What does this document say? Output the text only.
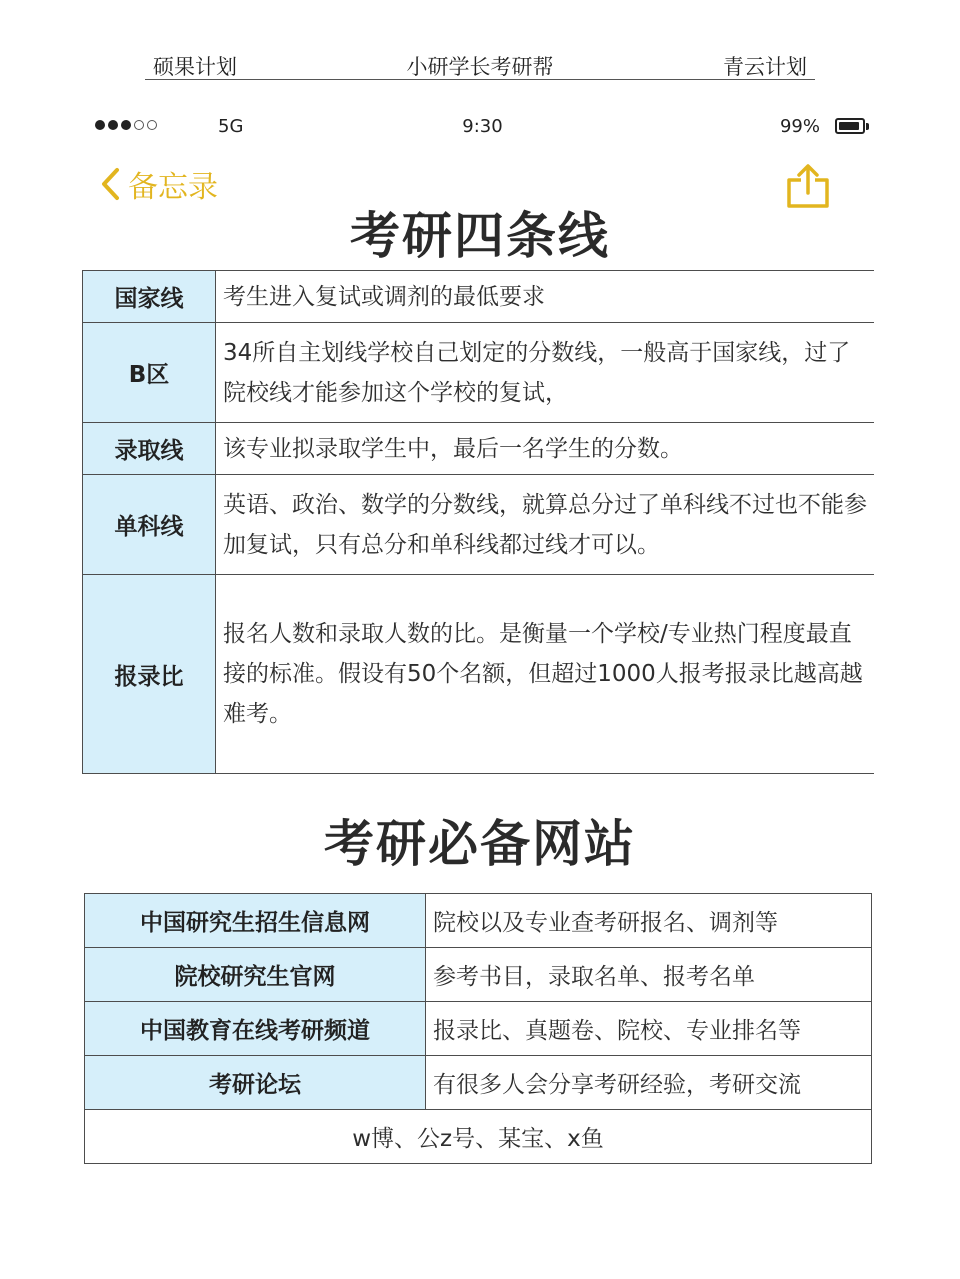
硕果计划	小研学长考研帮	青云计划
5G	9:30	99%
备忘录
考研四条线
国家线	考生进入复试或调剂的最低要求
B区	34所自主划线学校自己划定的分数线，一般高于国家线，过了院校线才能参加这个学校的复试，
录取线	该专业拟录取学生中，最后一名学生的分数。
单科线	英语、政治、数学的分数线，就算总分过了单科线不过也不能参加复试，只有总分和单科线都过线才可以。
报录比	报名人数和录取人数的比。是衡量一个学校/专业热门程度最直接的标准。假设有50个名额，但超过1000人报考报录比越高越难考。
考研必备网站
中国研究生招生信息网	院校以及专业查考研报名、调剂等
院校研究生官网	参考书目，录取名单、报考名单
中国教育在线考研频道	报录比、真题卷、院校、专业排名等
考研论坛	有很多人会分享考研经验，考研交流
w博、公z号、某宝、x鱼	
